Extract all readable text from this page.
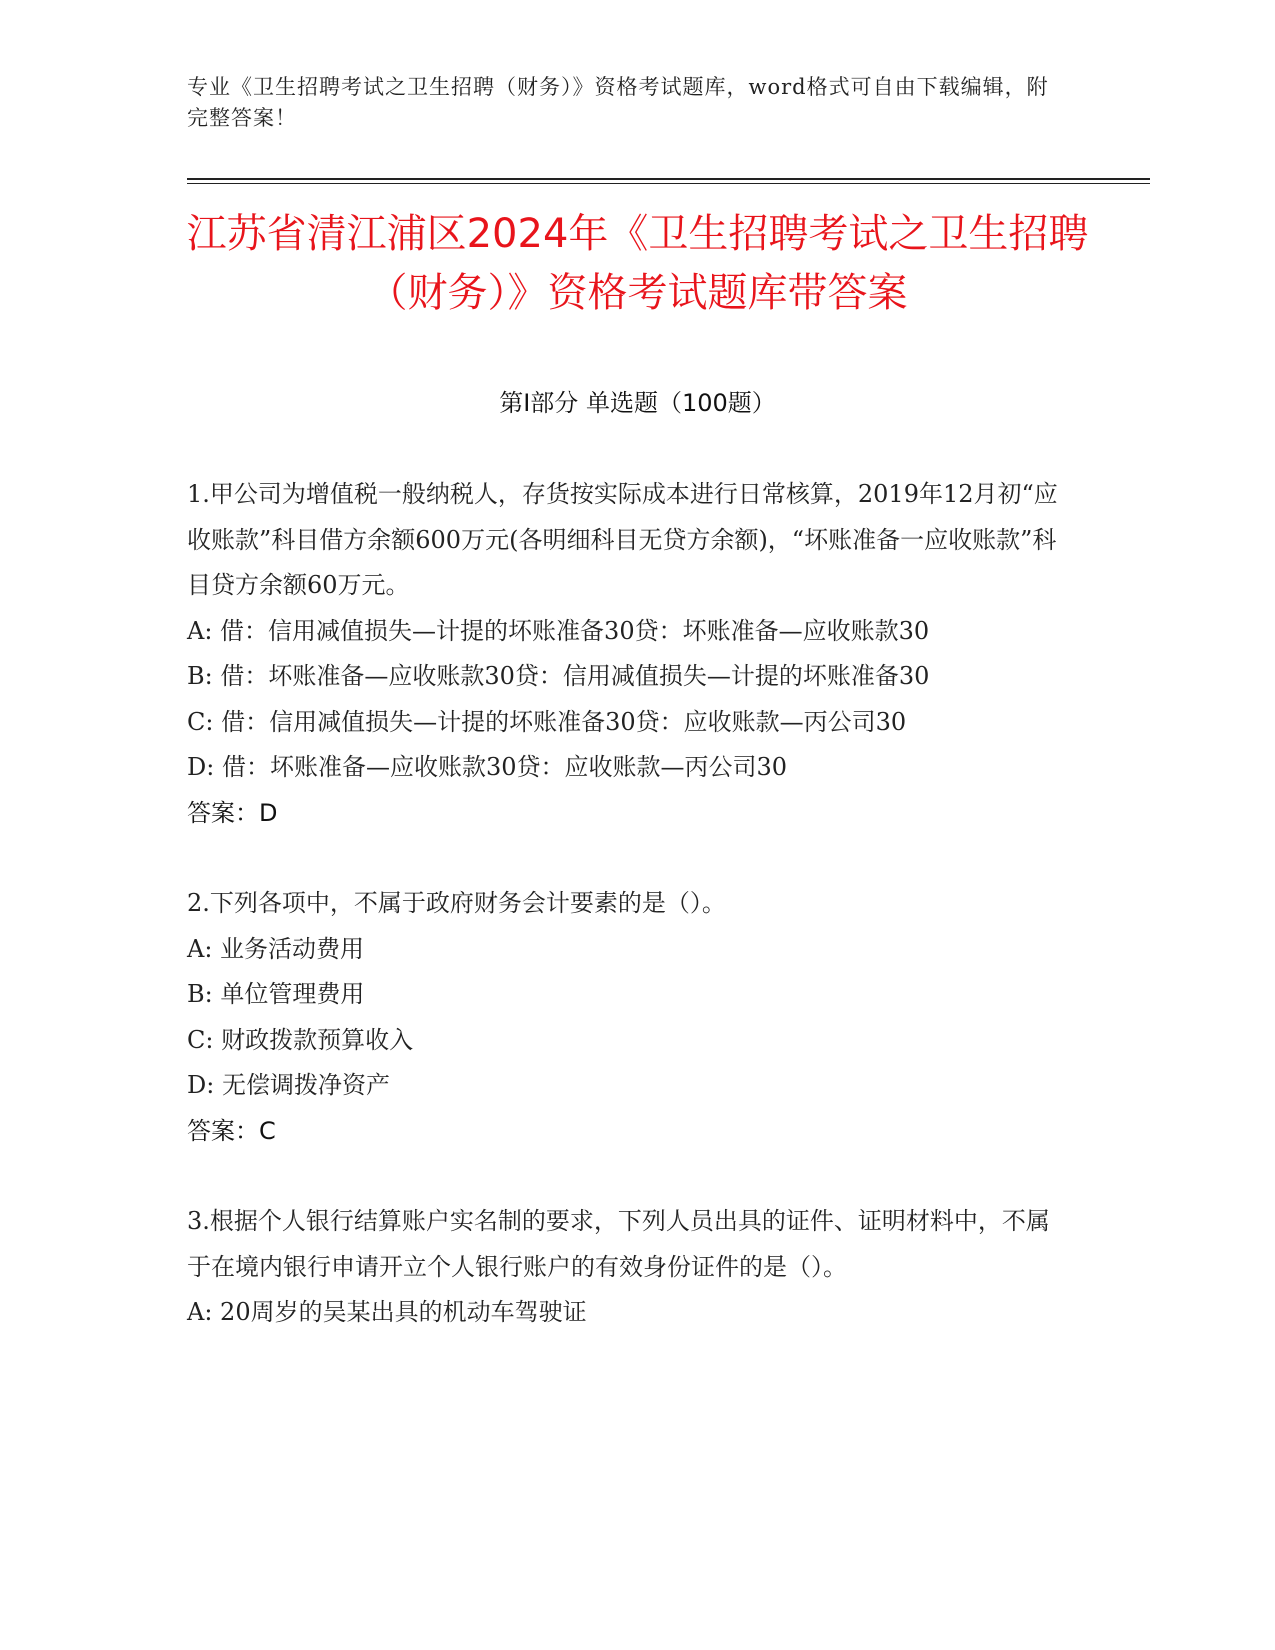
专业《卫生招聘考试之卫生招聘（财务）》资格考试题库，word格式可自由下载编辑，附完整答案！
江苏省清江浦区2024年《卫生招聘考试之卫生招聘（财务）》资格考试题库带答案
第Ⅰ部分 单选题（100题）

1.甲公司为增值税一般纳税人，存货按实际成本进行日常核算，2019年12月初“应收账款”科目借方余额600万元(各明细科目无贷方余额)，“坏账准备一应收账款”科目贷方余额60万元。

A: 借：信用减值损失—计提的坏账准备30贷：坏账准备—应收账款30

B: 借：坏账准备—应收账款30贷：信用减值损失—计提的坏账准备30

C: 借：信用减值损失—计提的坏账准备30贷：应收账款—丙公司30

D: 借：坏账准备—应收账款30贷：应收账款—丙公司30

答案：D

2.下列各项中，不属于政府财务会计要素的是（）。

A: 业务活动费用

B: 单位管理费用

C: 财政拨款预算收入

D: 无偿调拨净资产

答案：C

3.根据个人银行结算账户实名制的要求，下列人员出具的证件、证明材料中，不属于在境内银行申请开立个人银行账户的有效身份证件的是（）。

A: 20周岁的吴某出具的机动车驾驶证
